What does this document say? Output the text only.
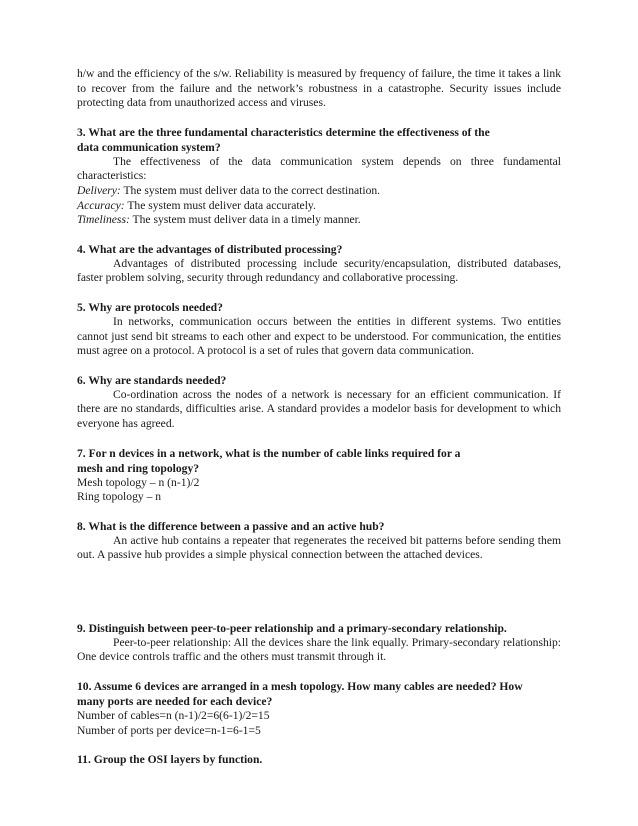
h/w and the efficiency of the s/w. Reliability is measured by frequency of failure, the time it takes a link to recover from the failure and the network’s robustness in a catastrophe. Security issues include protecting data from unauthorized access and viruses.

3. What are the three fundamental characteristics determine the effectiveness of the

data communication system?

The effectiveness of the data communication system depends on three fundamental characteristics:

Delivery: The system must deliver data to the correct destination.

Accuracy: The system must deliver data accurately.

Timeliness: The system must deliver data in a timely manner.

4. What are the advantages of distributed processing?

Advantages of distributed processing include security/encapsulation, distributed databases, faster problem solving, security through redundancy and collaborative processing.

5. Why are protocols needed?

In networks, communication occurs between the entities in different systems. Two entities cannot just send bit streams to each other and expect to be understood. For communication, the entities must agree on a protocol. A protocol is a set of rules that govern data communication.

6. Why are standards needed?

Co-ordination across the nodes of a network is necessary for an efficient communication. If there are no standards, difficulties arise. A standard provides a modelor basis for development to which everyone has agreed.

7. For n devices in a network, what is the number of cable links required for a

mesh and ring topology?

Mesh topology – n (n-1)/2

Ring topology – n

8. What is the difference between a passive and an active hub?

An active hub contains a repeater that regenerates the received bit patterns before sending them out. A passive hub provides a simple physical connection between the attached devices.

9. Distinguish between peer-to-peer relationship and a primary-secondary relationship.

Peer-to-peer relationship: All the devices share the link equally. Primary-secondary relationship: One device controls traffic and the others must transmit through it.

10. Assume 6 devices are arranged in a mesh topology. How many cables are needed? How

many ports are needed for each device?

Number of cables=n (n-1)/2=6(6-1)/2=15

Number of ports per device=n-1=6-1=5

11. Group the OSI layers by function.
